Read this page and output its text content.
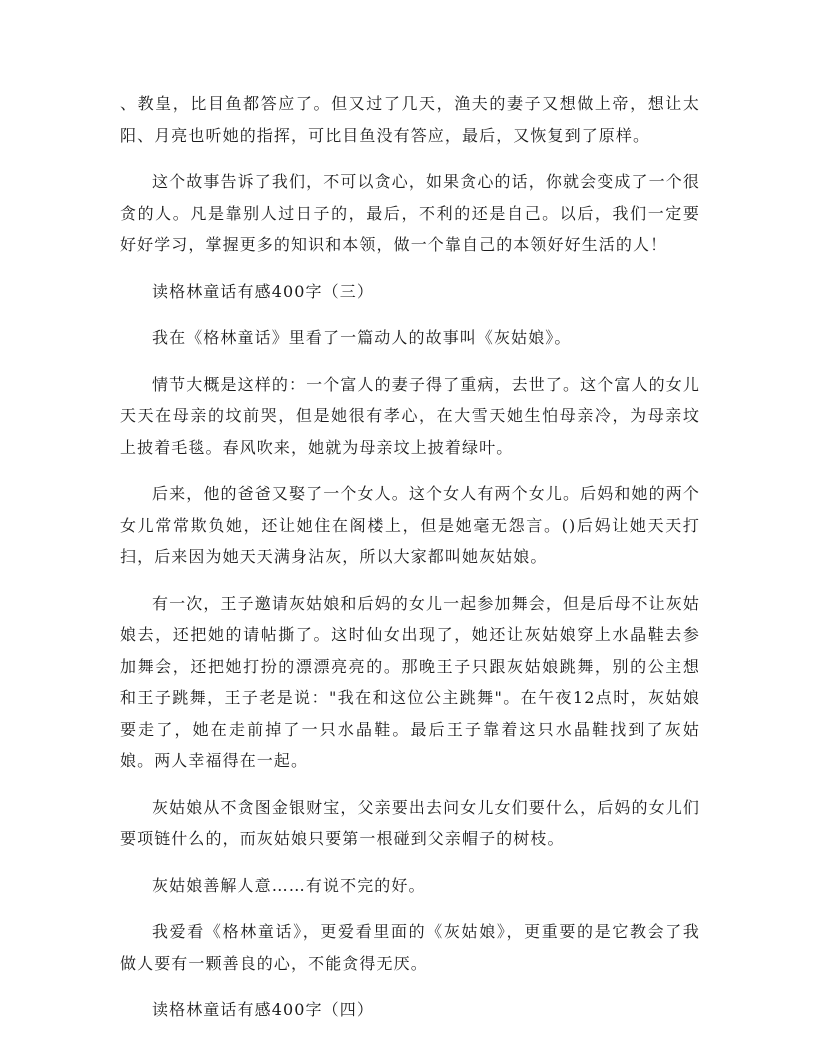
、教皇，比目鱼都答应了。但又过了几天，渔夫的妻子又想做上帝，想让太阳、月亮也听她的指挥，可比目鱼没有答应，最后，又恢复到了原样。

这个故事告诉了我们，不可以贪心，如果贪心的话，你就会变成了一个很贪的人。凡是靠别人过日子的，最后，不利的还是自己。以后，我们一定要好好学习，掌握更多的知识和本领，做一个靠自己的本领好好生活的人！

读格林童话有感400字（三）

我在《格林童话》里看了一篇动人的故事叫《灰姑娘》。

情节大概是这样的：一个富人的妻子得了重病，去世了。这个富人的女儿天天在母亲的坟前哭，但是她很有孝心，在大雪天她生怕母亲冷，为母亲坟上披着毛毯。春风吹来，她就为母亲坟上披着绿叶。

后来，他的爸爸又娶了一个女人。这个女人有两个女儿。后妈和她的两个女儿常常欺负她，还让她住在阁楼上，但是她毫无怨言。()后妈让她天天打扫，后来因为她天天满身沾灰，所以大家都叫她灰姑娘。

有一次，王子邀请灰姑娘和后妈的女儿一起参加舞会，但是后母不让灰姑娘去，还把她的请帖撕了。这时仙女出现了，她还让灰姑娘穿上水晶鞋去参加舞会，还把她打扮的漂漂亮亮的。那晚王子只跟灰姑娘跳舞，别的公主想和王子跳舞，王子老是说："我在和这位公主跳舞"。在午夜12点时，灰姑娘要走了，她在走前掉了一只水晶鞋。最后王子靠着这只水晶鞋找到了灰姑娘。两人幸福得在一起。

灰姑娘从不贪图金银财宝，父亲要出去问女儿女们要什么，后妈的女儿们要项链什么的，而灰姑娘只要第一根碰到父亲帽子的树枝。

灰姑娘善解人意……有说不完的好。

我爱看《格林童话》，更爱看里面的《灰姑娘》，更重要的是它教会了我做人要有一颗善良的心，不能贪得无厌。

读格林童话有感400字（四）
